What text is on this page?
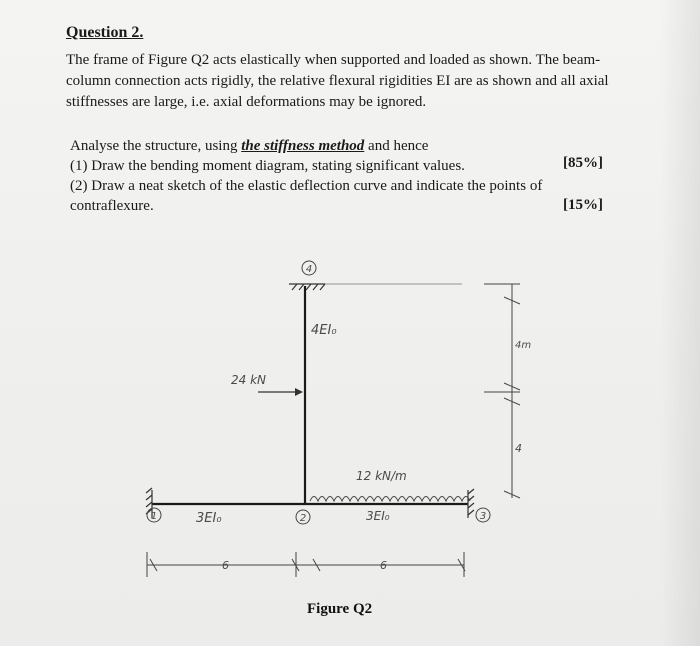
Question 2.

The frame of Figure Q2 acts elastically when supported and loaded as shown. The beam-column connection acts rigidly, the relative flexural rigidities EI are as shown and all axial stiffnesses are large, i.e. axial deformations may be ignored.

Analyse the structure, using the stiffness method and hence
(1) Draw the bending moment diagram, stating significant values.
(2) Draw a neat sketch of the elastic deflection curve and indicate the points of
contraflexure.
[85%]
[15%]
4
1	2	3
4EI₀
3EI₀	3EI₀
24 kN
12 kN/m
4m
4
6	6
Figure Q2
